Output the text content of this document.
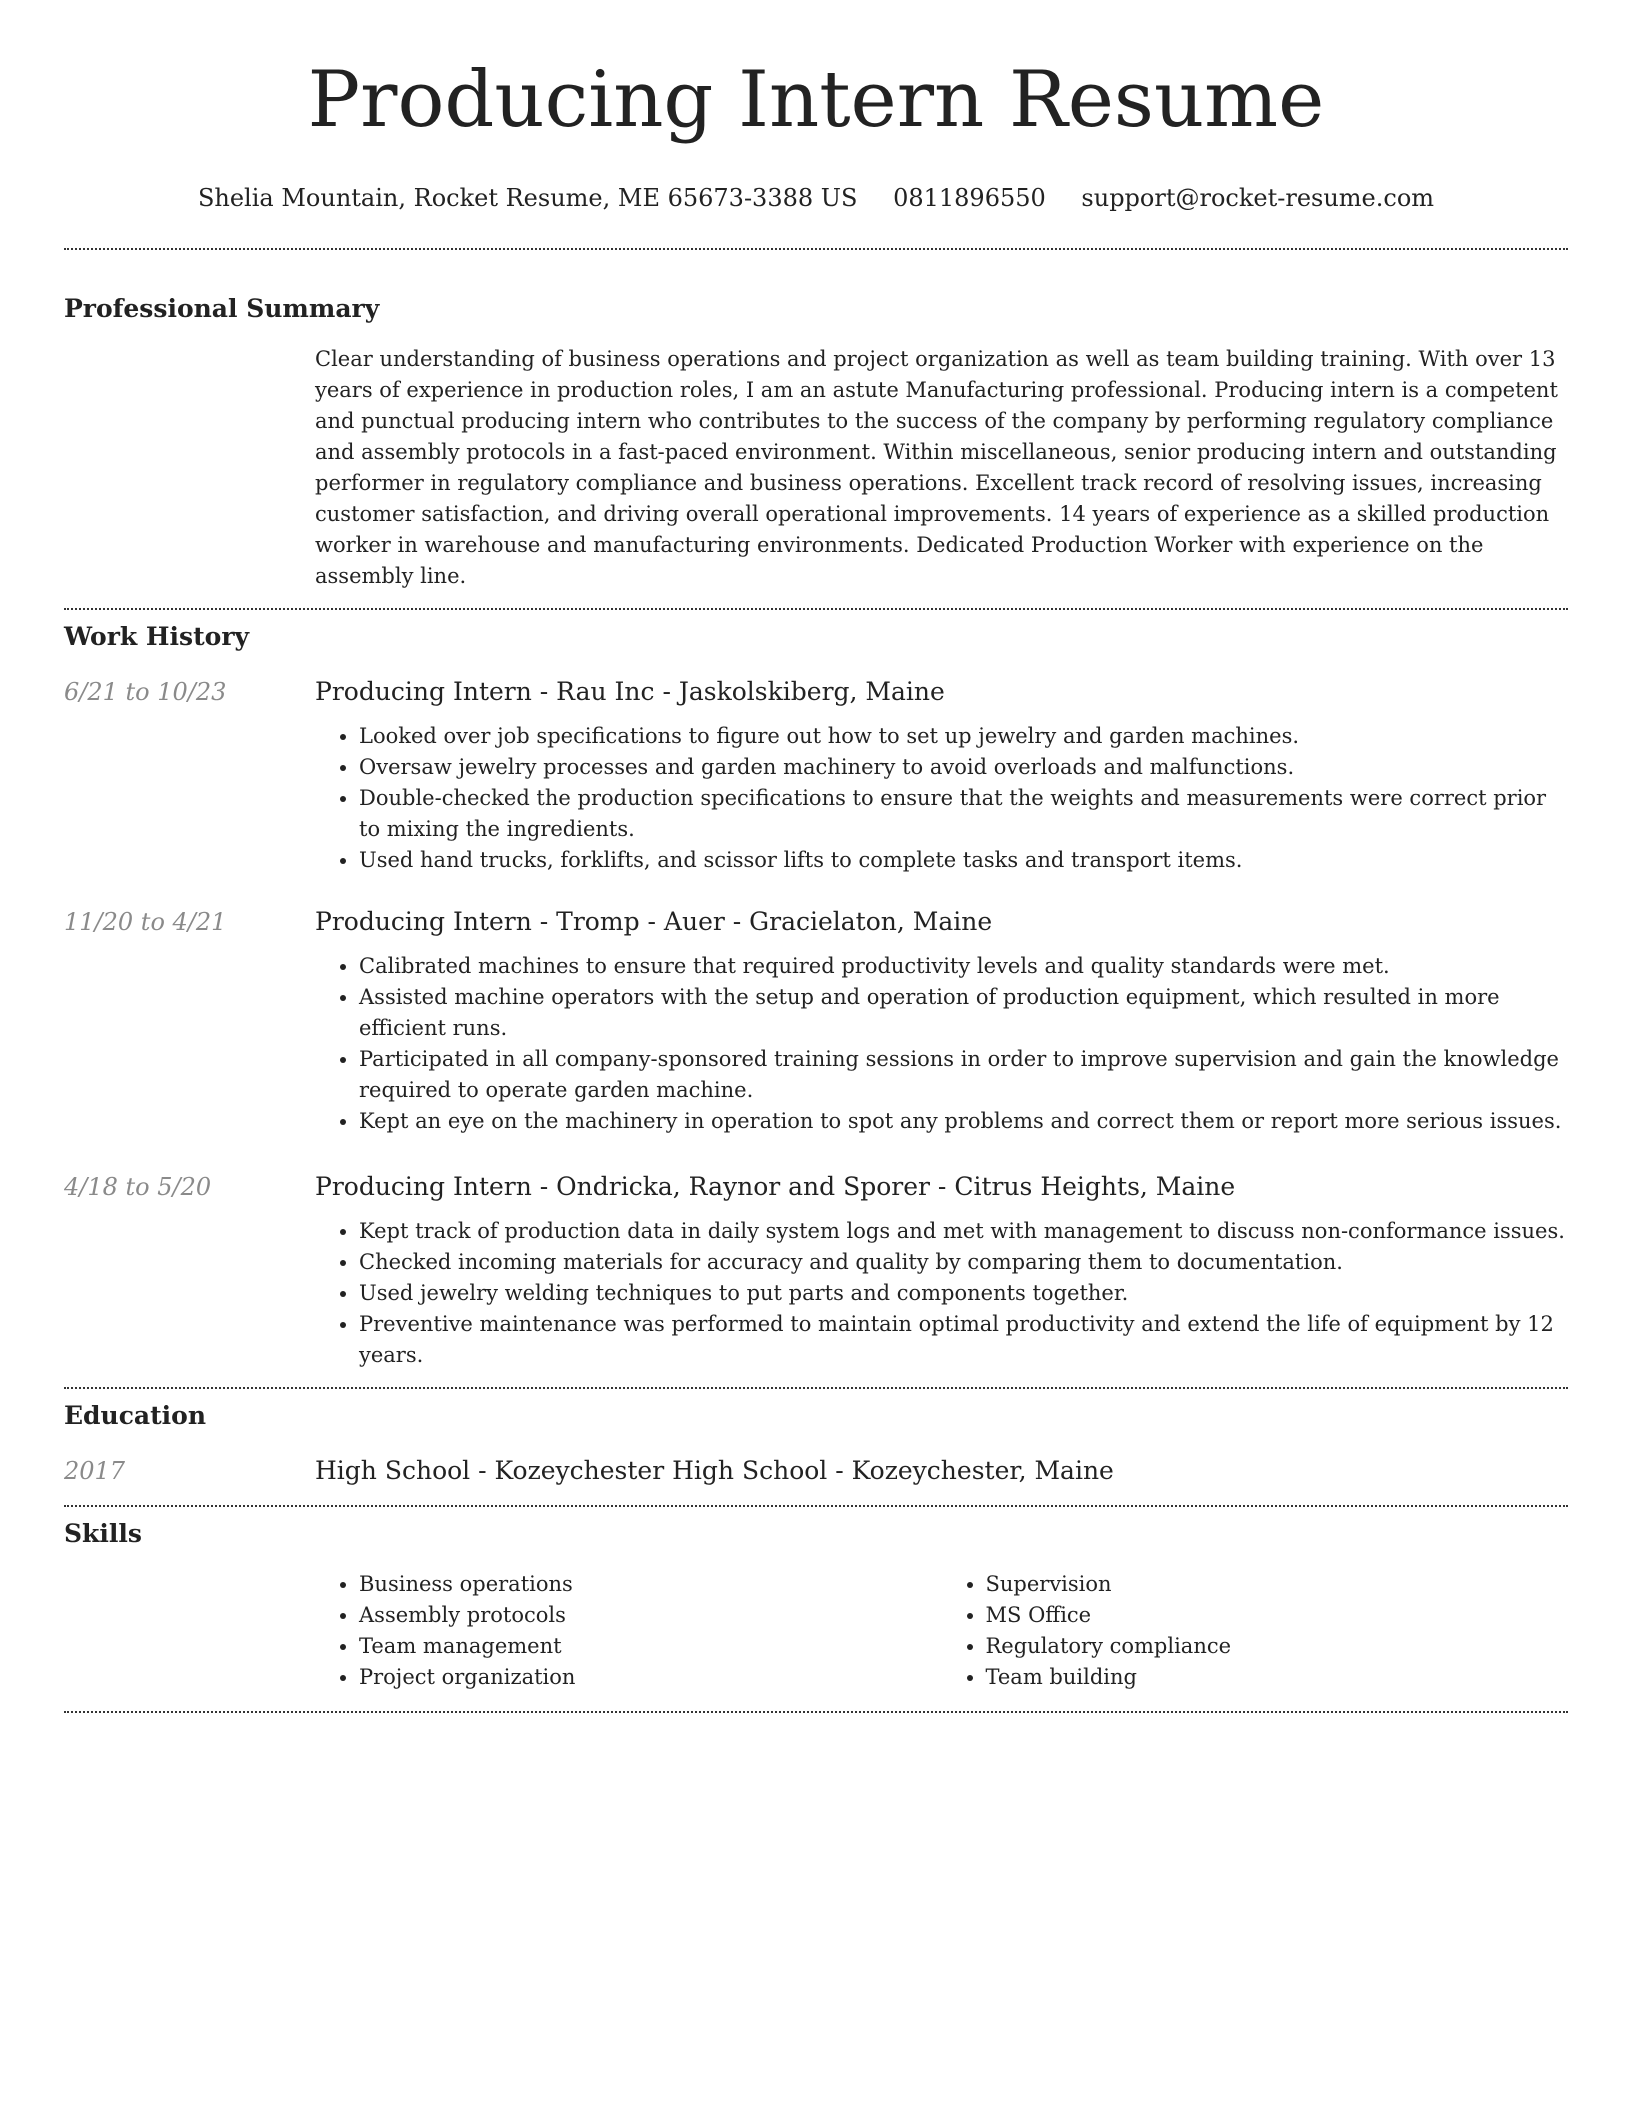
Producing Intern Resume
Shelia Mountain, Rocket Resume, ME 65673-3388 US 0811896550 support@rocket-resume.com
Professional Summary

Clear understanding of business operations and project organization as well as team building training. With over 13 years of experience in production roles, I am an astute Manufacturing professional. Producing intern is a competent and punctual producing intern who contributes to the success of the company by performing regulatory compliance and assembly protocols in a fast-paced environment. Within miscellaneous, senior producing intern and outstanding performer in regulatory compliance and business operations. Excellent track record of resolving issues, increasing customer satisfaction, and driving overall operational improvements. 14 years of experience as a skilled production worker in warehouse and manufacturing environments. Dedicated Production Worker with experience on the assembly line.

Work History
6/21 to 10/23	Producing Intern - Rau Inc - Jaskolskiberg, Maine

• Looked over job specifications to figure out how to set up jewelry and garden machines.
• Oversaw jewelry processes and garden machinery to avoid overloads and malfunctions.
• Double-checked the production specifications to ensure that the weights and measurements were correct prior to mixing the ingredients.
• Used hand trucks, forklifts, and scissor lifts to complete tasks and transport items.
11/20 to 4/21	Producing Intern - Tromp - Auer - Gracielaton, Maine

• Calibrated machines to ensure that required productivity levels and quality standards were met.
• Assisted machine operators with the setup and operation of production equipment, which resulted in more efficient runs.
• Participated in all company-sponsored training sessions in order to improve supervision and gain the knowledge required to operate garden machine.
• Kept an eye on the machinery in operation to spot any problems and correct them or report more serious issues.
4/18 to 5/20	Producing Intern - Ondricka, Raynor and Sporer - Citrus Heights, Maine

• Kept track of production data in daily system logs and met with management to discuss non-conformance issues.
• Checked incoming materials for accuracy and quality by comparing them to documentation.
• Used jewelry welding techniques to put parts and components together.
• Preventive maintenance was performed to maintain optimal productivity and extend the life of equipment by 12 years.
Education
2017	High School - Kozeychester High School - Kozeychester, Maine

Skills
• Business operations
• Assembly protocols
• Team management
• Project organization
• Supervision
• MS Office
• Regulatory compliance
• Team building
